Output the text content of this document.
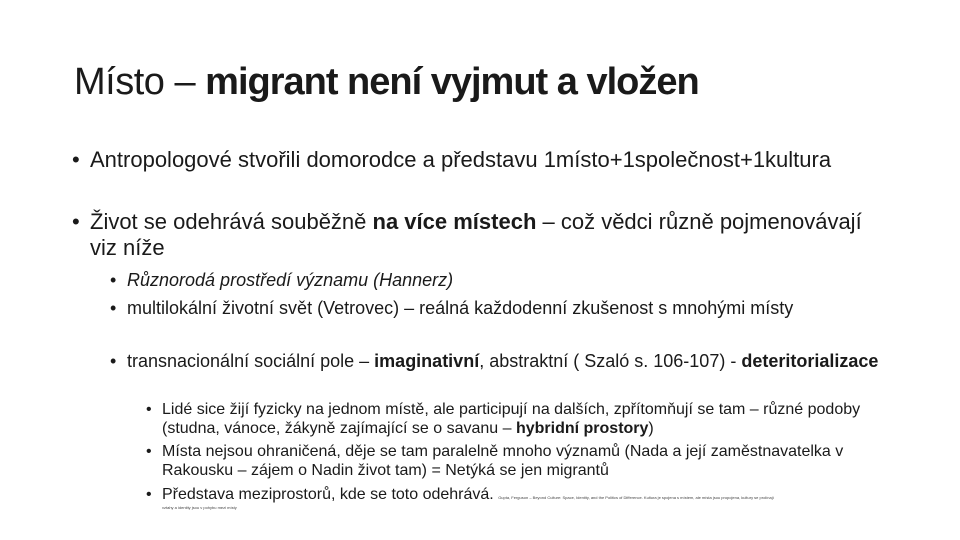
Místo – migrant není vyjmut a vložen
• Antropologové stvořili domorodce a představu 1místo+1společnost+1kultura
• Život se odehrává souběžně na více místech – což vědci různě pojmenovávají viz níže
• Různorodá prostředí významu (Hannerz)
• multilokální životní svět (Vetrovec) – reálná každodenní zkušenost s mnohými místy
• transnacionální sociální pole – imaginativní, abstraktní ( Szaló s. 106-107) - deteritorializace
• Lidé sice žijí fyzicky na jednom místě, ale participují na dalších, zpřítomňují se tam – různé podoby (studna, vánoce, žákyně zajímající se o savanu – hybridní prostory)
• Místa nejsou ohraničená, děje se tam paralelně mnoho významů (Nada a její zaměstnavatelka v Rakousku – zájem o Nadin život tam) = Netýká se jen migrantů
• Představa meziprostorů, kde se toto odehrává. Gupta, Ferguson – Beyond Culture: Space, Identity, and the Politics of Difference. Kultura je spojena s místem, ale místa jsou propojena, kultury se prolínají
vztahy a identity jsou v pohybu mezi místy
